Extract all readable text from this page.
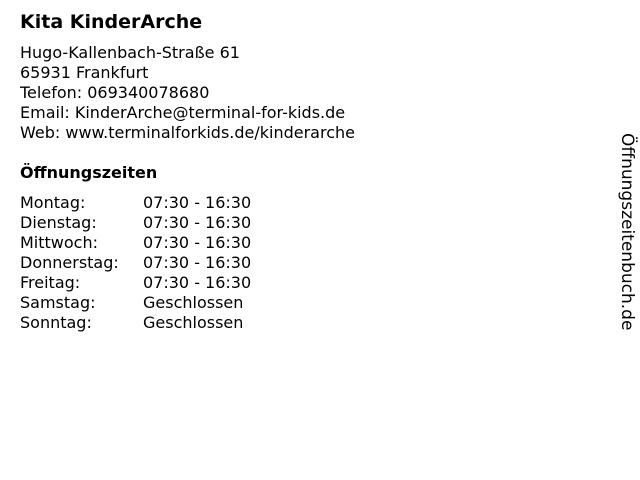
Kita KinderArche
Hugo-Kallenbach-Straße 61
65931 Frankfurt
Telefon: 069340078680
Email: KinderArche@terminal-for-kids.de
Web: www.terminalforkids.de/kinderarche
Öffnungszeiten
Montag:	07:30 - 16:30
Dienstag:	07:30 - 16:30
Mittwoch:	07:30 - 16:30
Donnerstag:	07:30 - 16:30
Freitag:	07:30 - 16:30
Samstag:	Geschlossen
Sonntag:	Geschlossen	Öffnungszeitenbuch.de
